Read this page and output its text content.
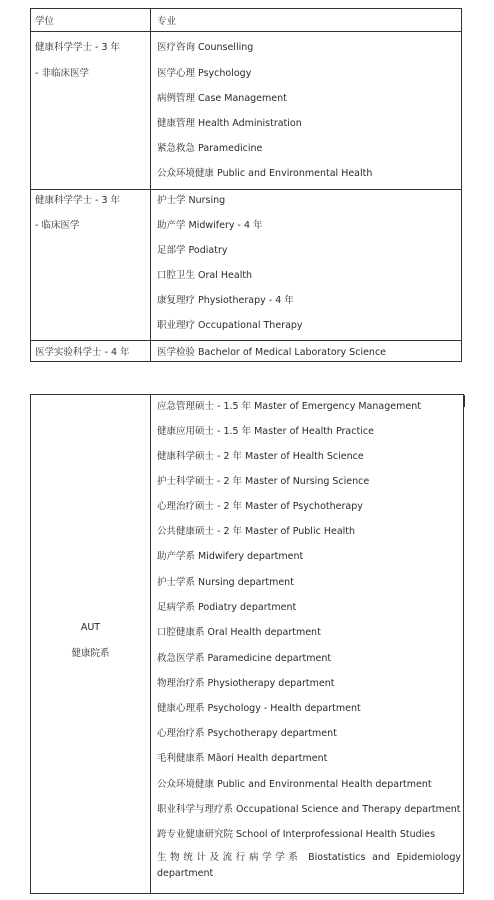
学位	专业
健康科学学士 - 3 年
- 非临床医学
医疗咨询 Counselling
医学心理 Psychology
病例管理 Case Management
健康管理 Health Administration
紧急救急 Paramedicine
公众环境健康 Public and Environmental Health
健康科学学士 - 3 年
- 临床医学
护士学 Nursing
助产学 Midwifery - 4 年
足部学 Podiatry
口腔卫生 Oral Health
康复理疗 Physiotherapy - 4 年
职业理疗 Occupational Therapy
医学实验科学士 - 4 年	医学检验 Bachelor of Medical Laboratory Science
AUT
健康院系
应急管理硕士 - 1.5 年 Master of Emergency Management
健康应用硕士 - 1.5 年 Master of Health Practice
健康科学硕士 - 2 年 Master of Health Science
护士科学硕士 - 2 年 Master of Nursing Science
心理治疗硕士 - 2 年 Master of Psychotherapy
公共健康硕士 - 2 年 Master of Public Health
助产学系 Midwifery department
护士学系 Nursing department
足病学系 Podiatry department
口腔健康系 Oral Health department
救急医学系 Paramedicine department
物理治疗系 Physiotherapy department
健康心理系 Psychology - Health department
心理治疗系 Psychotherapy department
毛利健康系 Māori Health department
公众环境健康 Public and Environmental Health department
职业科学与理疗系 Occupational Science and Therapy department
跨专业健康研究院 School of Interprofessional Health Studies
生物统计及流行病学学系 Biostatistics and Epidemiology
department
